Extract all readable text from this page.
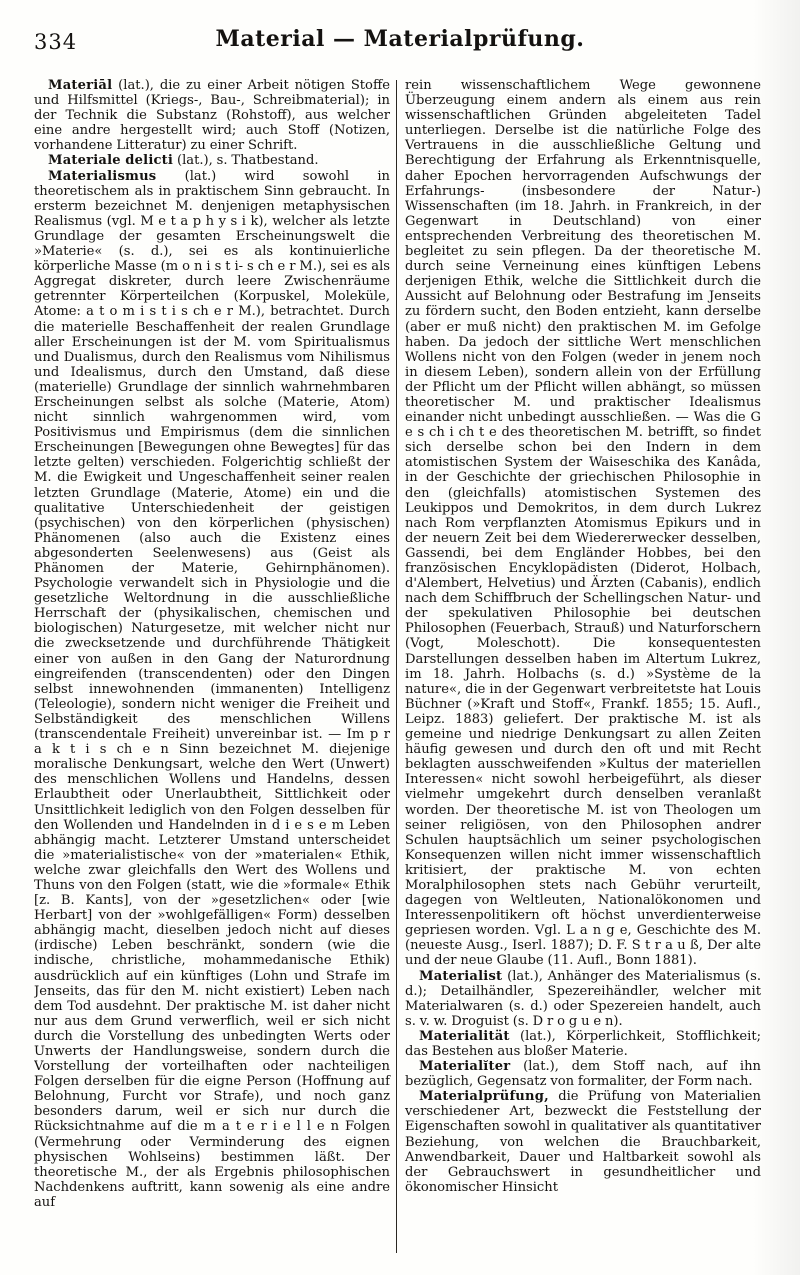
334	Material — Materialprüfung.

Materiāl (lat.), die zu einer Arbeit nötigen Stoffe und Hilfsmittel (Kriegs-, Bau-, Schreibmaterial); in der Technik die Substanz (Rohstoff), aus welcher eine andre hergestellt wird; auch Stoff (Notizen, vorhandene Litteratur) zu einer Schrift.

Materiale delicti (lat.), s. Thatbestand.

Materialismus (lat.) wird sowohl in theoretischem als in praktischem Sinn gebraucht. In ersterm bezeichnet M. denjenigen metaphysischen Realismus (vgl. M e t a p h y s i k), welcher als letzte Grundlage der gesamten Erscheinungswelt die »Materie« (s. d.), sei es als kontinuierliche körperliche Masse (m o n i s t i- s ch e r M.), sei es als Aggregat diskreter, durch leere Zwischenräume getrennter Körperteilchen (Korpuskel, Moleküle, Atome: a t o m i s t i s ch e r M.), betrachtet. Durch die materielle Beschaffenheit der realen Grundlage aller Erscheinungen ist der M. vom Spiritualismus und Dualismus, durch den Realismus vom Nihilismus und Idealismus, durch den Umstand, daß diese (materielle) Grundlage der sinnlich wahrnehmbaren Erscheinungen selbst als solche (Materie, Atom) nicht sinnlich wahrgenommen wird, vom Positivismus und Empirismus (dem die sinnlichen Erscheinungen [Bewegungen ohne Bewegtes] für das letzte gelten) verschieden. Folgerichtig schließt der M. die Ewigkeit und Ungeschaffenheit seiner realen letzten Grundlage (Materie, Atome) ein und die qualitative Unterschiedenheit der geistigen (psychischen) von den körperlichen (physischen) Phänomenen (also auch die Existenz eines abgesonderten Seelenwesens) aus (Geist als Phänomen der Materie, Gehirnphänomen). Psychologie verwandelt sich in Physiologie und die gesetzliche Weltordnung in die ausschließliche Herrschaft der (physikalischen, chemischen und biologischen) Naturgesetze, mit welcher nicht nur die zwecksetzende und durchführende Thätigkeit einer von außen in den Gang der Naturordnung eingreifenden (transcendenten) oder den Dingen selbst innewohnenden (immanenten) Intelligenz (Teleologie), sondern nicht weniger die Freiheit und Selbständigkeit des menschlichen Willens (transcendentale Freiheit) unvereinbar ist. — Im p r a k t i s ch e n Sinn bezeichnet M. diejenige moralische Denkungsart, welche den Wert (Unwert) des menschlichen Wollens und Handelns, dessen Erlaubtheit oder Unerlaubtheit, Sittlichkeit oder Unsittlichkeit lediglich von den Folgen desselben für den Wollenden und Handelnden in d i e s e m Leben abhängig macht. Letzterer Umstand unterscheidet die »materialistische« von der »materialen« Ethik, welche zwar gleichfalls den Wert des Wollens und Thuns von den Folgen (statt, wie die »formale« Ethik [z. B. Kants], von der »gesetzlichen« oder [wie Herbart] von der »wohlgefälligen« Form) desselben abhängig macht, dieselben jedoch nicht auf dieses (irdische) Leben beschränkt, sondern (wie die indische, christliche, mohammedanische Ethik) ausdrücklich auf ein künftiges (Lohn und Strafe im Jenseits, das für den M. nicht existiert) Leben nach dem Tod ausdehnt. Der praktische M. ist daher nicht nur aus dem Grund verwerflich, weil er sich nicht durch die Vorstellung des unbedingten Werts oder Unwerts der Handlungsweise, sondern durch die Vorstellung der vorteilhaften oder nachteiligen Folgen derselben für die eigne Person (Hoffnung auf Belohnung, Furcht vor Strafe), und noch ganz besonders darum, weil er sich nur durch die Rücksichtnahme auf die m a t e r i e l l e n Folgen (Vermehrung oder Verminderung des eignen physischen Wohlseins) bestimmen läßt. Der theoretische M., der als Ergebnis philosophischen Nachdenkens auftritt, kann sowenig als eine andre auf

rein wissenschaftlichem Wege gewonnene Überzeugung einem andern als einem aus rein wissenschaftlichen Gründen abgeleiteten Tadel unterliegen. Derselbe ist die natürliche Folge des Vertrauens in die ausschließliche Geltung und Berechtigung der Erfahrung als Erkenntnisquelle, daher Epochen hervorragenden Aufschwungs der Erfahrungs- (insbesondere der Natur-) Wissenschaften (im 18. Jahrh. in Frankreich, in der Gegenwart in Deutschland) von einer entsprechenden Verbreitung des theoretischen M. begleitet zu sein pflegen. Da der theoretische M. durch seine Verneinung eines künftigen Lebens derjenigen Ethik, welche die Sittlichkeit durch die Aussicht auf Belohnung oder Bestrafung im Jenseits zu fördern sucht, den Boden entzieht, kann derselbe (aber er muß nicht) den praktischen M. im Gefolge haben. Da jedoch der sittliche Wert menschlichen Wollens nicht von den Folgen (weder in jenem noch in diesem Leben), sondern allein von der Erfüllung der Pflicht um der Pflicht willen abhängt, so müssen theoretischer M. und praktischer Idealismus einander nicht unbedingt ausschließen. — Was die G e s ch i ch t e des theoretischen M. betrifft, so findet sich derselbe schon bei den Indern in dem atomistischen System der Waiseschika des Kanâda, in der Geschichte der griechischen Philosophie in den (gleichfalls) atomistischen Systemen des Leukippos und Demokritos, in dem durch Lukrez nach Rom verpflanzten Atomismus Epikurs und in der neuern Zeit bei dem Wiedererwecker desselben, Gassendi, bei dem Engländer Hobbes, bei den französischen Encyklopädisten (Diderot, Holbach, d'Alembert, Helvetius) und Ärzten (Cabanis), endlich nach dem Schiffbruch der Schellingschen Natur- und der spekulativen Philosophie bei deutschen Philosophen (Feuerbach, Strauß) und Naturforschern (Vogt, Moleschott). Die konsequentesten Darstellungen desselben haben im Altertum Lukrez, im 18. Jahrh. Holbachs (s. d.) »Système de la nature«, die in der Gegenwart verbreitetste hat Louis Büchner (»Kraft und Stoff«, Frankf. 1855; 15. Aufl., Leipz. 1883) geliefert. Der praktische M. ist als gemeine und niedrige Denkungsart zu allen Zeiten häufig gewesen und durch den oft und mit Recht beklagten ausschweifenden »Kultus der materiellen Interessen« nicht sowohl herbeigeführt, als dieser vielmehr umgekehrt durch denselben veranlaßt worden. Der theoretische M. ist von Theologen um seiner religiösen, von den Philosophen andrer Schulen hauptsächlich um seiner psychologischen Konsequenzen willen nicht immer wissenschaftlich kritisiert, der praktische M. von echten Moralphilosophen stets nach Gebühr verurteilt, dagegen von Weltleuten, Nationalökonomen und Interessenpolitikern oft höchst unverdienterweise gepriesen worden. Vgl. L a n g e, Geschichte des M. (neueste Ausg., Iserl. 1887); D. F. S t r a u ß, Der alte und der neue Glaube (11. Aufl., Bonn 1881).

Materialist (lat.), Anhänger des Materialismus (s. d.); Detailhändler, Spezereihändler, welcher mit Materialwaren (s. d.) oder Spezereien handelt, auch s. v. w. Droguist (s. D r o g u e n).

Materialität (lat.), Körperlichkeit, Stofflichkeit; das Bestehen aus bloßer Materie.

Materialĭter (lat.), dem Stoff nach, auf ihn bezüglich, Gegensatz von formaliter, der Form nach.

Materialprüfung, die Prüfung von Materialien verschiedener Art, bezweckt die Feststellung der Eigenschaften sowohl in qualitativer als quantitativer Beziehung, von welchen die Brauchbarkeit, Anwendbarkeit, Dauer und Haltbarkeit sowohl als der Gebrauchswert in gesundheitlicher und ökonomischer Hinsicht
